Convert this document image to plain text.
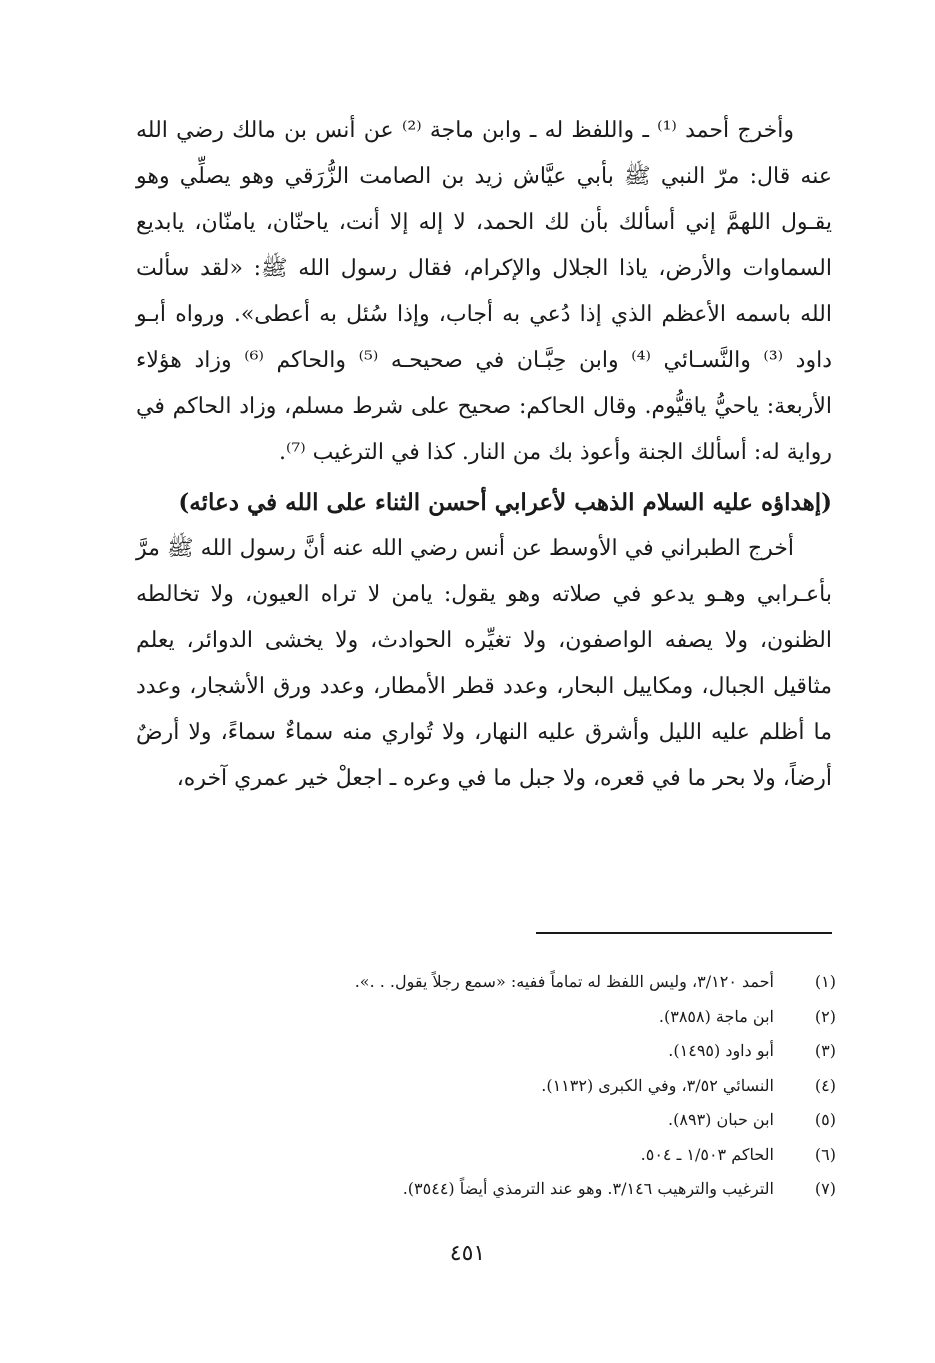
وأخرج أحمد ⁽¹⁾ ـ واللفظ له ـ وابن ماجة ⁽²⁾ عن أنس بن مالك رضي الله عنه قال: مرّ النبي ﷺ بأبي عيَّاش زيد بن الصامت الزُّرَقي وهو يصلِّي وهو يقـول اللهمَّ إني أسألك بأن لك الحمد، لا إله إلا أنت، ياحنّان، يامنّان، يابديع السماوات والأرض، ياذا الجلال والإكرام، فقال رسول الله ﷺ: «لقد سألت الله باسمه الأعظم الذي إذا دُعي به أجاب، وإذا سُئل به أعطى». ورواه أبـو داود ⁽³⁾ والنَّسـائي ⁽⁴⁾ وابن حِبَّـان في صحيحـه ⁽⁵⁾ والحاكم ⁽⁶⁾ وزاد هؤلاء الأربعة: ياحيُّ ياقيُّوم. وقال الحاكم: صحيح على شرط مسلم، وزاد الحاكم في رواية له: أسألك الجنة وأعوذ بك من النار. كذا في الترغيب ⁽⁷⁾.

(إهداؤه عليه السلام الذهب لأعرابي أحسن الثناء على الله في دعائه)

أخرج الطبراني في الأوسط عن أنس رضي الله عنه أنَّ رسول الله ﷺ مرَّ بأعـرابي وهـو يدعو في صلاته وهو يقول: يامن لا تراه العيون، ولا تخالطه الظنون، ولا يصفه الواصفون، ولا تغيِّره الحوادث، ولا يخشى الدوائر، يعلم مثاقيل الجبال، ومكاييل البحار، وعدد قطر الأمطار، وعدد ورق الأشجار، وعدد ما أظلم عليه الليل وأشرق عليه النهار، ولا تُواري منه سماءٌ سماءً، ولا أرضٌ أرضاً، ولا بحر ما في قعره، ولا جبل ما في وعره ـ اجعلْ خير عمري آخره،

(١)
أحمد ٣/١٢٠، وليس اللفظ له تماماً ففيه: «سمع رجلاً يقول. . .».
(٢)
ابن ماجة (٣٨٥٨).
(٣)
أبو داود (١٤٩٥).
(٤)
النسائي ٣/٥٢، وفي الكبرى (١١٣٢).
(٥)
ابن حبان (٨٩٣).
(٦)
الحاكم ١/٥٠٣ ـ ٥٠٤.
(٧)
الترغيب والترهيب ٣/١٤٦. وهو عند الترمذي أيضاً (٣٥٤٤).
٤٥١
